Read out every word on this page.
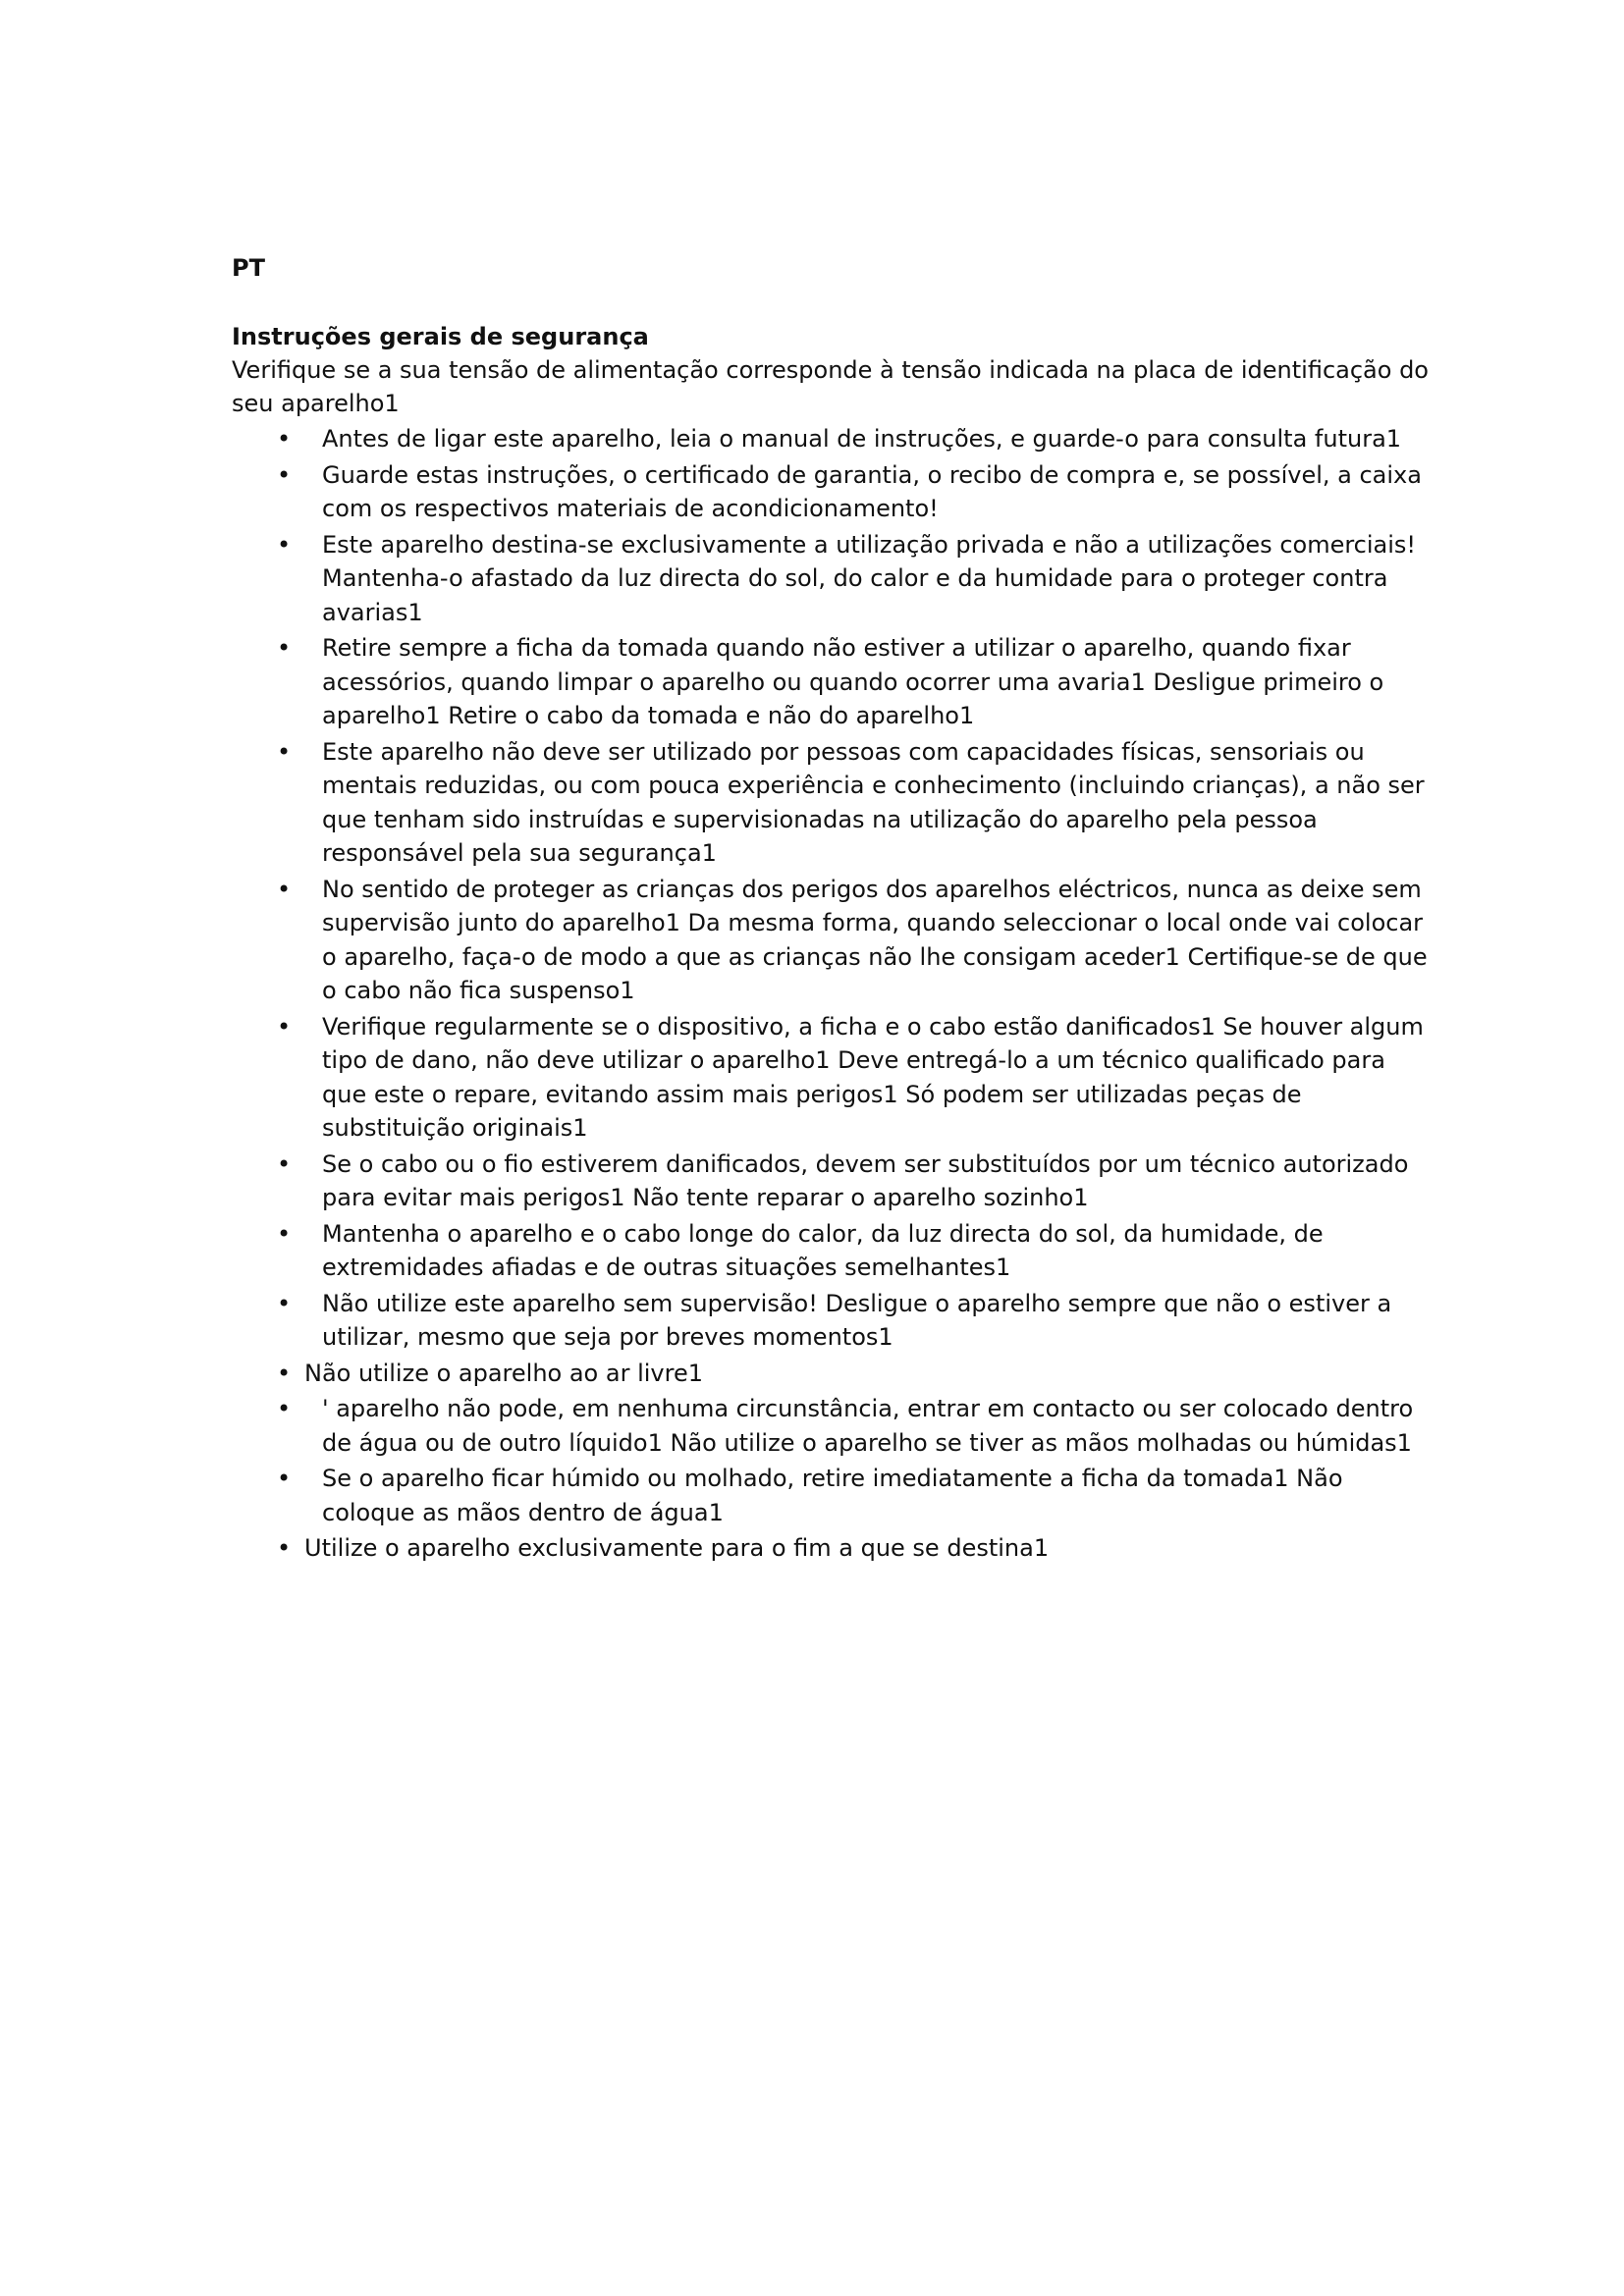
PT
Instruções gerais de segurança
Verifique se a sua tensão de alimentação corresponde à tensão indicada na placa de identificação do seu aparelho1
• Antes de ligar este aparelho, leia o manual de instruções, e guarde-o para consulta futura1
• Guarde estas instruções, o certificado de garantia, o recibo de compra e, se possível, a caixa com os respectivos materiais de acondicionamento!
• Este aparelho destina-se exclusivamente a utilização privada e não a utilizações comerciais! Mantenha-o afastado da luz directa do sol, do calor e da humidade para o proteger contra avarias1
• Retire sempre a ficha da tomada quando não estiver a utilizar o aparelho, quando fixar acessórios, quando limpar o aparelho ou quando ocorrer uma avaria1 Desligue primeiro o aparelho1 Retire o cabo da tomada e não do aparelho1
• Este aparelho não deve ser utilizado por pessoas com capacidades físicas, sensoriais ou mentais reduzidas, ou com pouca experiência e conhecimento (incluindo crianças), a não ser que tenham sido instruídas e supervisionadas na utilização do aparelho pela pessoa responsável pela sua segurança1
• No sentido de proteger as crianças dos perigos dos aparelhos eléctricos, nunca as deixe sem supervisão junto do aparelho1 Da mesma forma, quando seleccionar o local onde vai colocar o aparelho, faça-o de modo a que as crianças não lhe consigam aceder1 Certifique-se de que o cabo não fica suspenso1
• Verifique regularmente se o dispositivo, a ficha e o cabo estão danificados1 Se houver algum tipo de dano, não deve utilizar o aparelho1 Deve entregá-lo a um técnico qualificado para que este o repare, evitando assim mais perigos1 Só podem ser utilizadas peças de substituição originais1
• Se o cabo ou o fio estiverem danificados, devem ser substituídos por um técnico autorizado para evitar mais perigos1 Não tente reparar o aparelho sozinho1
• Mantenha o aparelho e o cabo longe do calor, da luz directa do sol, da humidade, de extremidades afiadas e de outras situações semelhantes1
• Não utilize este aparelho sem supervisão! Desligue o aparelho sempre que não o estiver a utilizar, mesmo que seja por breves momentos1
• Não utilize o aparelho ao ar livre1
• ' aparelho não pode, em nenhuma circunstância, entrar em contacto ou ser colocado dentro de água ou de outro líquido1 Não utilize o aparelho se tiver as mãos molhadas ou húmidas1
• Se o aparelho ficar húmido ou molhado, retire imediatamente a ficha da tomada1 Não coloque as mãos dentro de água1
• Utilize o aparelho exclusivamente para o fim a que se destina1
